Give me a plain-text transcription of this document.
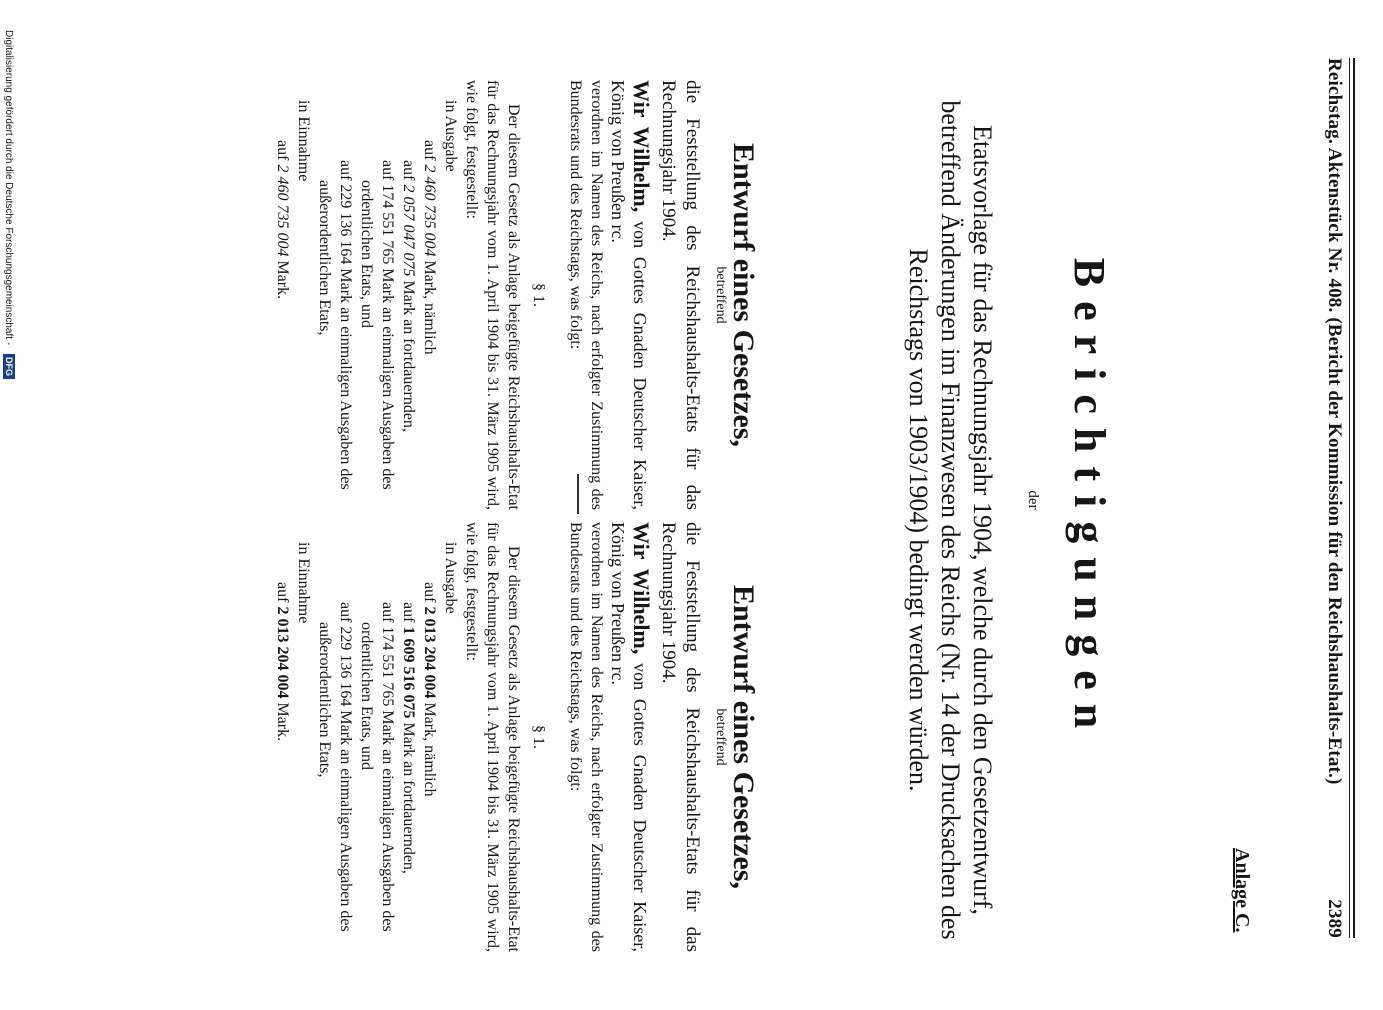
Reichstag. Aktenstück Nr. 408. (Bericht der Kommission für den Reichshaushalts-Etat.)
2389
Anlage C.
Berichtigungen
der
Etatsvorlage für das Rechnungsjahr 1904, welche durch den Gesetzentwurf, betreffend Änderungen im Finanzwesen des Reichs (Nr. 14 der Drucksachen des Reichstags von 1903/1904) bedingt werden würden.
Entwurf eines Gesetzes,
betreffend
die Feststellung des Reichshaushalts-Etats für das Rechnungsjahr 1904.
Wir Wilhelm, von Gottes Gnaden Deutscher Kaiser, König von Preußen rc.
verordnen im Namen des Reichs, nach erfolgter Zustimmung des Bundesrats und des Reichstags, was folgt:
§ 1.

Der diesem Gesetz als Anlage beigefügte Reichshaushalts-Etat für das Rechnungsjahr vom 1. April 1904 bis 31. März 1905 wird, wie folgt, festgestellt:

in Ausgabe
auf 2 460 735 004 Mark, nämlich
auf 2 057 047 075 Mark an fortdauernden,
auf 174 551 765 Mark an einmaligen Ausgaben des ordentlichen Etats, und
auf 229 136 164 Mark an einmaligen Ausgaben des außerordentlichen Etats,
in Einnahme
auf 2 460 735 004 Mark.
Entwurf eines Gesetzes,
betreffend
die Feststellung des Reichshaushalts-Etats für das Rechnungsjahr 1904.
Wir Wilhelm, von Gottes Gnaden Deutscher Kaiser, König von Preußen rc.
verordnen im Namen des Reichs, nach erfolgter Zustimmung des Bundesrats und des Reichstags, was folgt:
§ 1.

Der diesem Gesetz als Anlage beigefügte Reichshaushalts-Etat für das Rechnungsjahr vom 1. April 1904 bis 31. März 1905 wird, wie folgt, festgestellt:

in Ausgabe
auf 2 013 204 004 Mark, nämlich
auf 1 609 516 075 Mark an fortdauernden,
auf 174 551 765 Mark an einmaligen Ausgaben des ordentlichen Etats, und
auf 229 136 164 Mark an einmaligen Ausgaben des außerordentlichen Etats,
in Einnahme
auf 2 013 204 004 Mark.
Digitalisierung gefördert durch die Deutsche Forschungsgemeinschaft - DFG
